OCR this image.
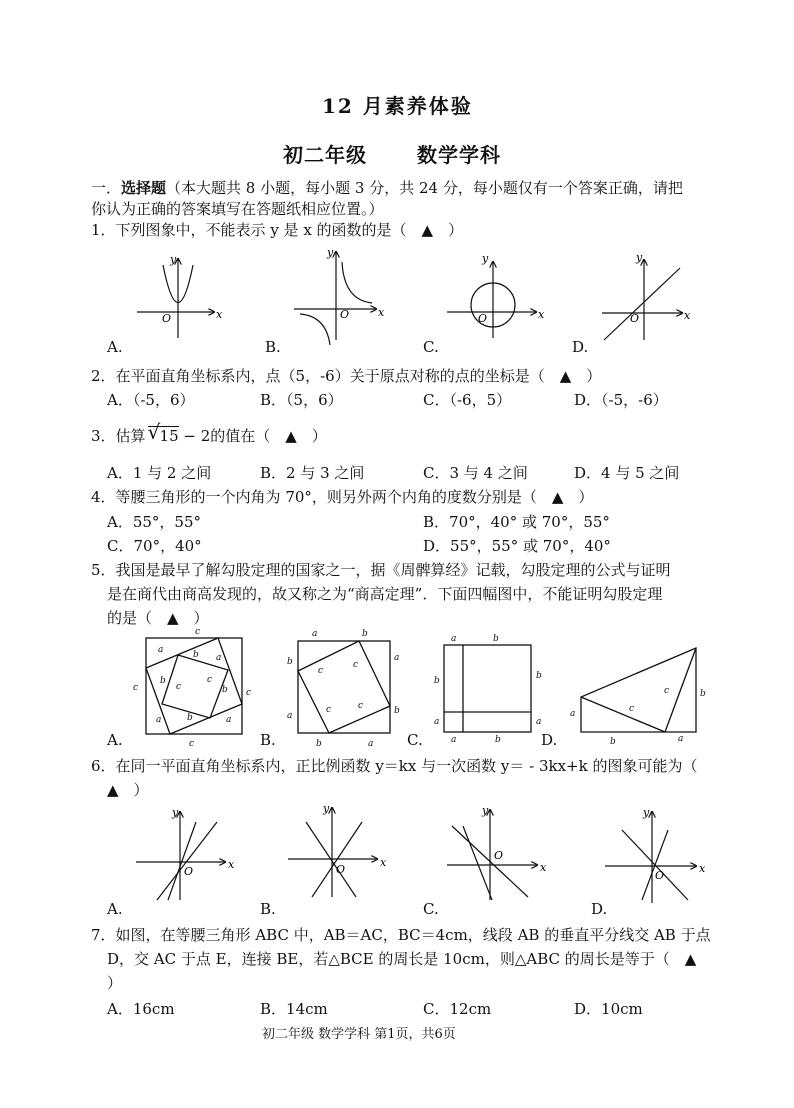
12 月素养体验
初二年级	数学学科
一．选择题（本大题共 8 小题，每小题 3 分，共 24 分，每小题仅有一个答案正确，请把
你认为正确的答案填写在答题纸相应位置。）
1．下列图象中，不能表示 y 是 x 的函数的是（　▲　）
y
x
O
y
x
O
y
x
O
y
x
O
A.	B.	C.	D.
2．在平面直角坐标系内，点（5，-6）关于原点对称的点的坐标是（　▲　）
A．（-5，6）	B．（5，6）	C．（-6，5）	D．（-5，-6）
3．估算 √ 15 − 2的值在（　▲　）
A．1 与 2 之间	B．2 与 3 之间	C．3 与 4 之间	D．4 与 5 之间
4．等腰三角形的一个内角为 70°，则另外两个内角的度数分别是（　▲　）
A．55°，55°	B．70°，40° 或 70°，55°
C．70°，40°	D．55°，55° 或 70°，40°
5．我国是最早了解勾股定理的国家之一，据《周髀算经》记载，勾股定理的公式与证明
是在商代由商高发现的，故又称之为“商高定理”．下面四幅图中，不能证明勾股定理
的是（　▲　）
c
a	b a
b
c
c
b
c	c
a	b	a
c
a	b
b	a
c
c
c	c
a	b
b	a
a	b
b	b
a	a
a	b
a	c
c	b
b	a
A.	B.	C.	D.
6．在同一平面直角坐标系内，正比例函数 y＝kx 与一次函数 y＝ - 3kx+k 的图象可能为（
▲　）
y
x
O
y
x
O
y
x
O
y
x
O
A.	B.	C.	D.
7．如图，在等腰三角形 ABC 中，AB＝AC，BC＝4cm，线段 AB 的垂直平分线交 AB 于点
D，交 AC 于点 E，连接 BE，若△BCE 的周长是 10cm，则△ABC 的周长是等于（　▲
）
A．16cm	B．14cm	C．12cm	D．10cm
初二年级 数学学科 第1页，共6页
